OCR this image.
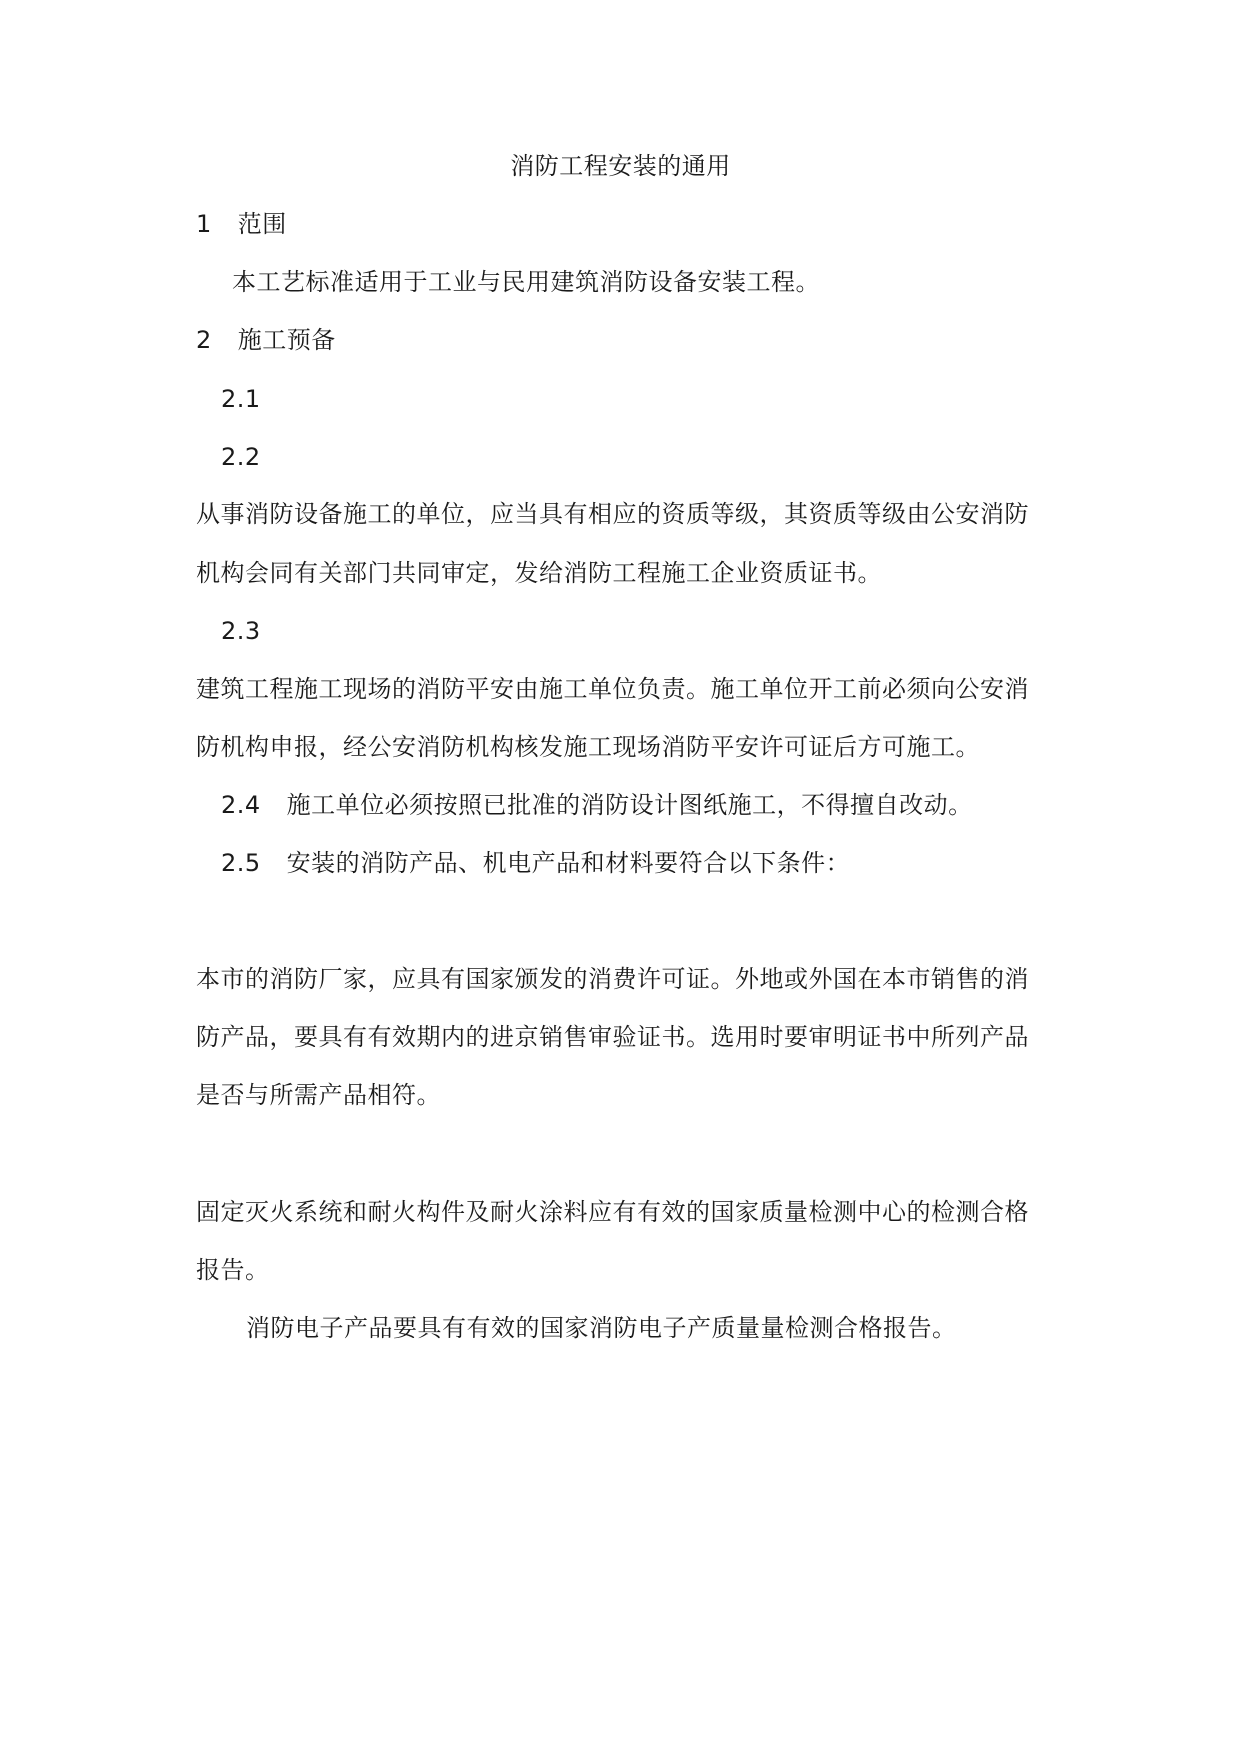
消防工程安装的通用
1 范围
本工艺标准适用于工业与民用建筑消防设备安装工程。
2 施工预备
2.1
2.2
从事消防设备施工的单位，应当具有相应的资质等级，其资质等级由公安消防
机构会同有关部门共同审定，发给消防工程施工企业资质证书。
2.3
建筑工程施工现场的消防平安由施工单位负责。施工单位开工前必须向公安消
防机构申报，经公安消防机构核发施工现场消防平安许可证后方可施工。
2.4 施工单位必须按照已批准的消防设计图纸施工，不得擅自改动。
2.5 安装的消防产品、机电产品和材料要符合以下条件：
本市的消防厂家，应具有国家颁发的消费许可证。外地或外国在本市销售的消
防产品，要具有有效期内的进京销售审验证书。选用时要审明证书中所列产品
是否与所需产品相符。
固定灭火系统和耐火构件及耐火涂料应有有效的国家质量检测中心的检测合格
报告。
消防电子产品要具有有效的国家消防电子产质量量检测合格报告。
